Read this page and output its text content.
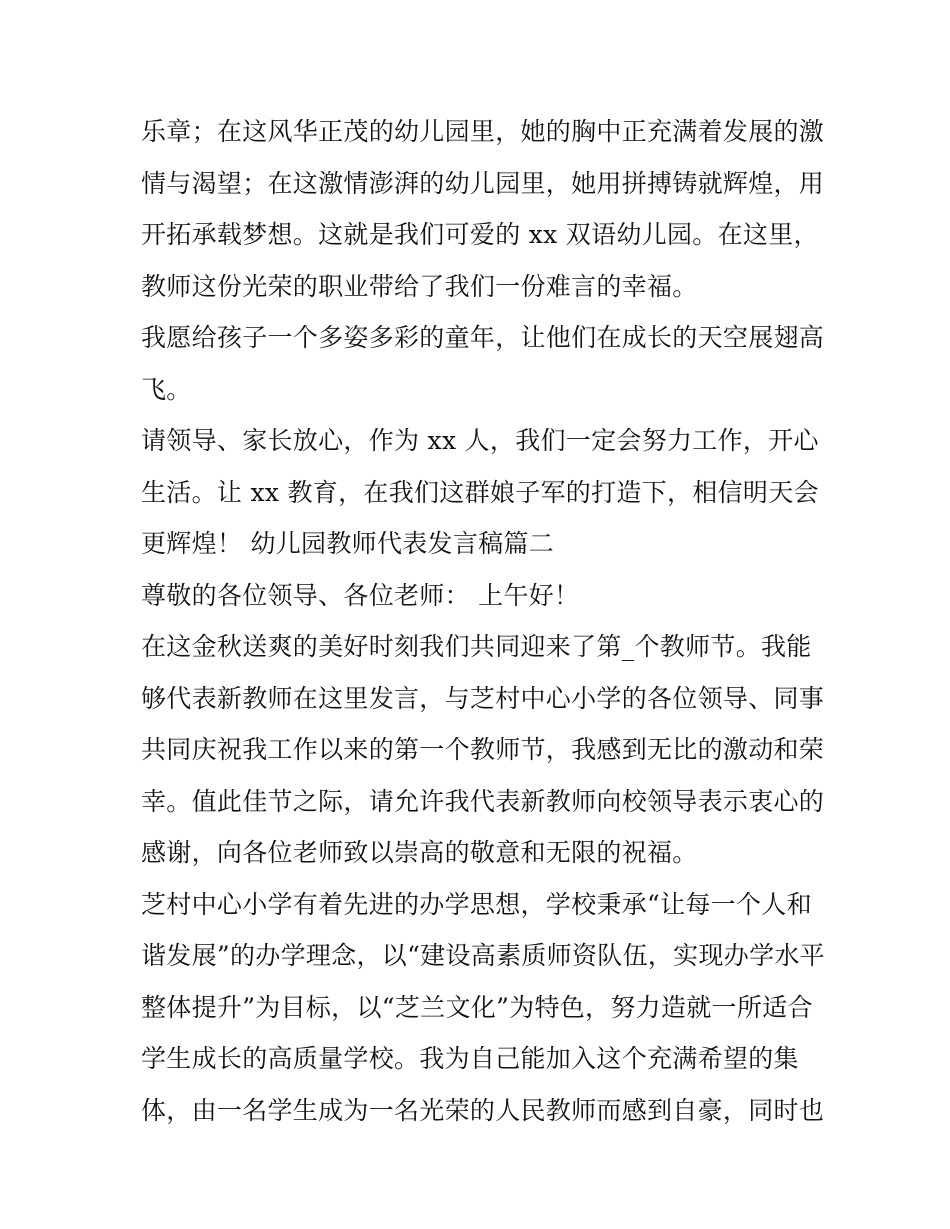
乐章；在这风华正茂的幼儿园里，她的胸中正充满着发展的激
情与渴望；在这激情澎湃的幼儿园里，她用拼搏铸就辉煌，用
开拓承载梦想。这就是我们可爱的 xx 双语幼儿园。在这里，
教师这份光荣的职业带给了我们一份难言的幸福。
我愿给孩子一个多姿多彩的童年，让他们在成长的天空展翅高
飞。
请领导、家长放心，作为 xx 人，我们一定会努力工作，开心
生活。让 xx 教育，在我们这群娘子军的打造下，相信明天会
更辉煌！ 幼儿园教师代表发言稿篇二
尊敬的各位领导、各位老师： 上午好！
在这金秋送爽的美好时刻我们共同迎来了第_个教师节。我能
够代表新教师在这里发言，与芝村中心小学的各位领导、同事
共同庆祝我工作以来的第一个教师节，我感到无比的激动和荣
幸。值此佳节之际，请允许我代表新教师向校领导表示衷心的
感谢，向各位老师致以崇高的敬意和无限的祝福。
芝村中心小学有着先进的办学思想，学校秉承“让每一个人和
谐发展”的办学理念，以“建设高素质师资队伍，实现办学水平
整体提升”为目标，以“芝兰文化”为特色，努力造就一所适合
学生成长的高质量学校。我为自己能加入这个充满希望的集
体，由一名学生成为一名光荣的人民教师而感到自豪，同时也
